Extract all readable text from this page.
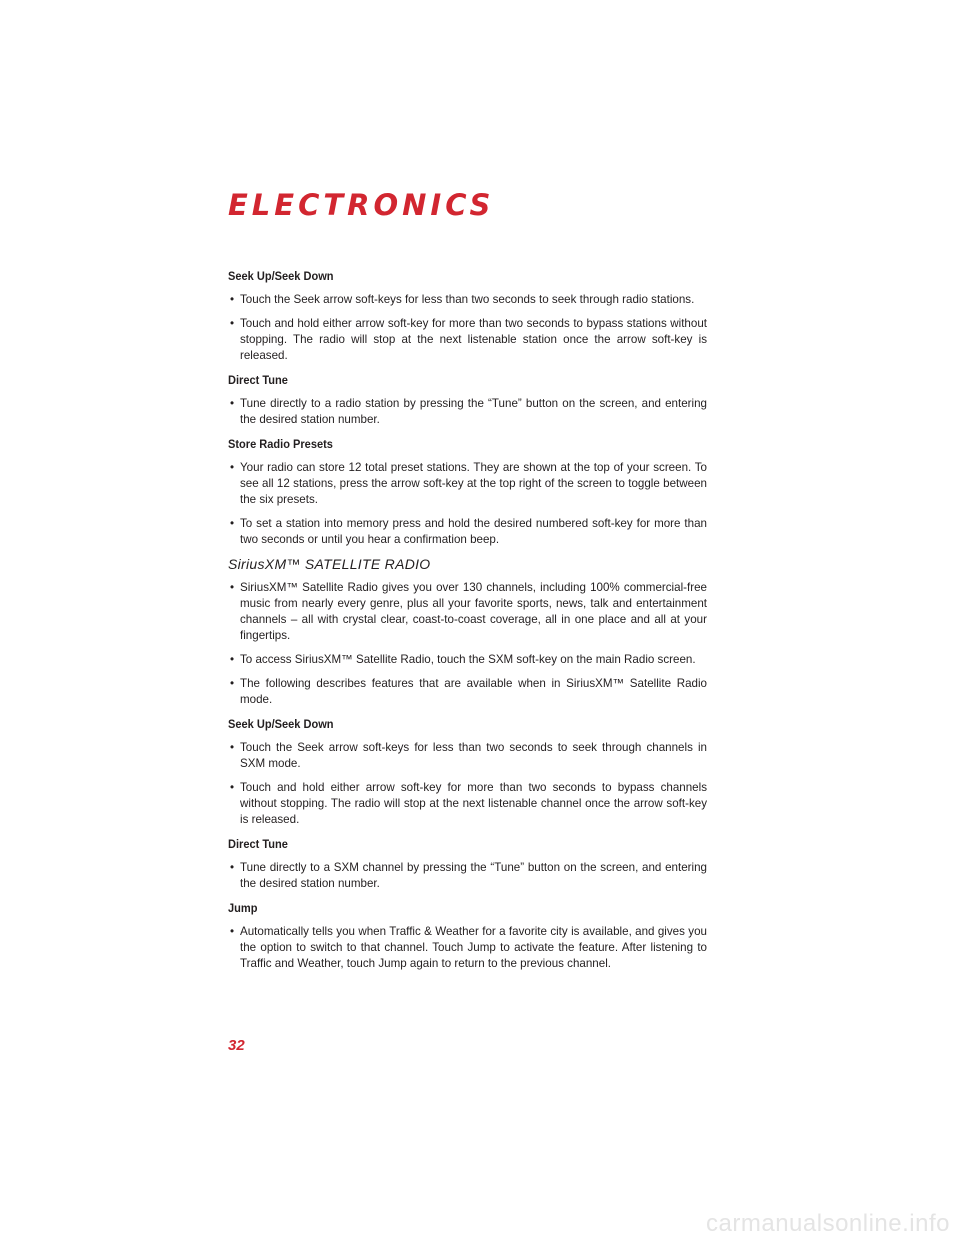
ELECTRONICS

Seek Up/Seek Down

• Touch the Seek arrow soft-keys for less than two seconds to seek through radio stations.
• Touch and hold either arrow soft-key for more than two seconds to bypass stations without stopping. The radio will stop at the next listenable station once the arrow soft-key is released.

Direct Tune

• Tune directly to a radio station by pressing the “Tune” button on the screen, and entering the desired station number.

Store Radio Presets

• Your radio can store 12 total preset stations. They are shown at the top of your screen. To see all 12 stations, press the arrow soft-key at the top right of the screen to toggle between the six presets.
• To set a station into memory press and hold the desired numbered soft-key for more than two seconds or until you hear a confirmation beep.

SiriusXM™ SATELLITE RADIO

• SiriusXM™ Satellite Radio gives you over 130 channels, including 100% commercial-free music from nearly every genre, plus all your favorite sports, news, talk and entertainment channels – all with crystal clear, coast-to-coast coverage, all in one place and all at your fingertips.
• To access SiriusXM™ Satellite Radio, touch the SXM soft-key on the main Radio screen.
• The following describes features that are available when in SiriusXM™ Satellite Radio mode.

Seek Up/Seek Down

• Touch the Seek arrow soft-keys for less than two seconds to seek through channels in SXM mode.
• Touch and hold either arrow soft-key for more than two seconds to bypass channels without stopping. The radio will stop at the next listenable channel once the arrow soft-key is released.

Direct Tune

• Tune directly to a SXM channel by pressing the “Tune” button on the screen, and entering the desired station number.

Jump

• Automatically tells you when Traffic & Weather for a favorite city is available, and gives you the option to switch to that channel. Touch Jump to activate the feature. After listening to Traffic and Weather, touch Jump again to return to the previous channel.

32

carmanualsonline.info
